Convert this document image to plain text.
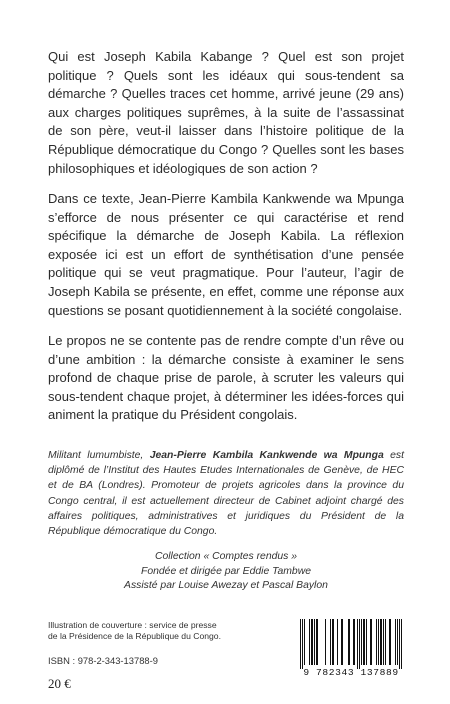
Qui est Joseph Kabila Kabange ? Quel est son projet politique ? Quels sont les idéaux qui sous-tendent sa démarche ? Quelles traces cet homme, arrivé jeune (29 ans) aux charges politiques suprêmes, à la suite de l’assassinat de son père, veut-il laisser dans l’histoire politique de la République démocratique du Congo ? Quelles sont les bases philosophiques et idéologiques de son action ?

Dans ce texte, Jean-Pierre Kambila Kankwende wa Mpunga s’efforce de nous présenter ce qui caractérise et rend spécifique la démarche de Joseph Kabila. La réflexion exposée ici est un effort de synthétisation d’une pensée politique qui se veut pragmatique. Pour l’auteur, l’agir de Joseph Kabila se présente, en effet, comme une réponse aux questions se posant quotidiennement à la société congolaise.

Le propos ne se contente pas de rendre compte d’un rêve ou d’une ambition : la démarche consiste à examiner le sens profond de chaque prise de parole, à scruter les valeurs qui sous-tendent chaque projet, à déterminer les idées-forces qui animent la pratique du Président congolais.

Militant lumumbiste, Jean-Pierre Kambila Kankwende wa Mpunga est diplômé de l’Institut des Hautes Etudes Internationales de Genève, de HEC et de BA (Londres). Promoteur de projets agricoles dans la province du Congo central, il est actuellement directeur de Cabinet adjoint chargé des affaires politiques, administratives et juridiques du Président de la République démocratique du Congo.

Collection « Comptes rendus »
Fondée et dirigée par Eddie Tambwe
Assisté par Louise Awezay et Pascal Baylon
Illustration de couverture : service de presse
de la Présidence de la République du Congo.
ISBN : 978-2-343-13788-9
20 €
9 782343 137889
